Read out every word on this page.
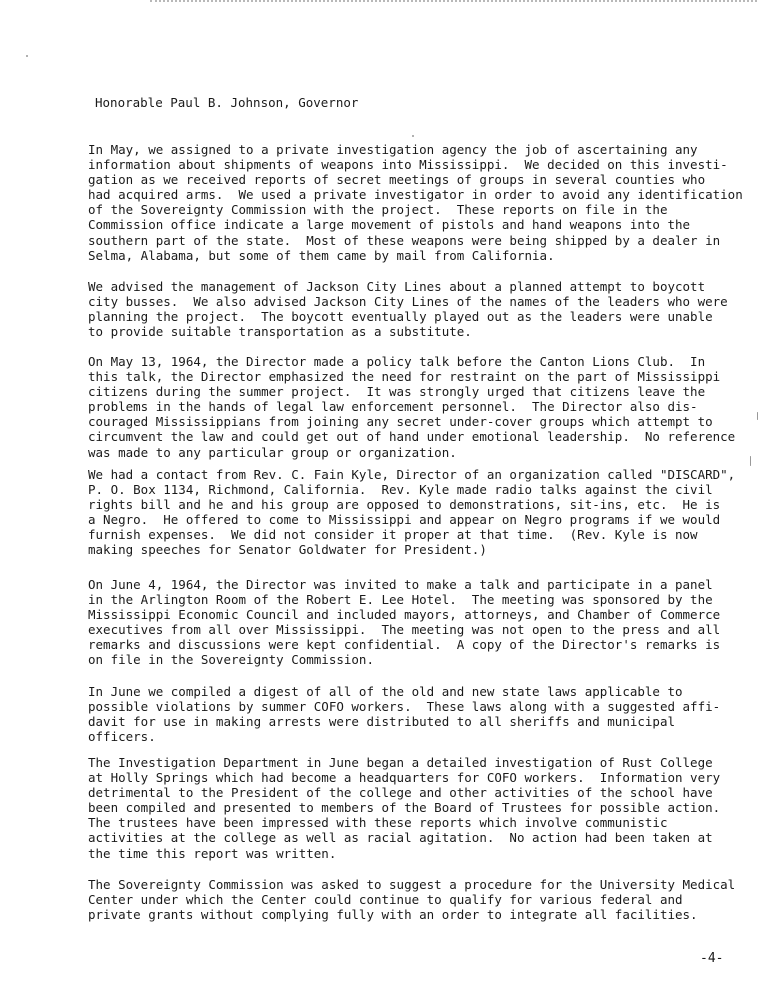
Honorable Paul B. Johnson, Governor
In May, we assigned to a private investigation agency the job of ascertaining any
information about shipments of weapons into Mississippi.  We decided on this investi-
gation as we received reports of secret meetings of groups in several counties who
had acquired arms.  We used a private investigator in order to avoid any identification
of the Sovereignty Commission with the project.  These reports on file in the
Commission office indicate a large movement of pistols and hand weapons into the
southern part of the state.  Most of these weapons were being shipped by a dealer in
Selma, Alabama, but some of them came by mail from California.
We advised the management of Jackson City Lines about a planned attempt to boycott
city busses.  We also advised Jackson City Lines of the names of the leaders who were
planning the project.  The boycott eventually played out as the leaders were unable
to provide suitable transportation as a substitute.
On May 13, 1964, the Director made a policy talk before the Canton Lions Club.  In
this talk, the Director emphasized the need for restraint on the part of Mississippi
citizens during the summer project.  It was strongly urged that citizens leave the
problems in the hands of legal law enforcement personnel.  The Director also dis-
couraged Mississippians from joining any secret under-cover groups which attempt to
circumvent the law and could get out of hand under emotional leadership.  No reference
was made to any particular group or organization.
We had a contact from Rev. C. Fain Kyle, Director of an organization called "DISCARD",
P. O. Box 1134, Richmond, California.  Rev. Kyle made radio talks against the civil
rights bill and he and his group are opposed to demonstrations, sit-ins, etc.  He is
a Negro.  He offered to come to Mississippi and appear on Negro programs if we would
furnish expenses.  We did not consider it proper at that time.  (Rev. Kyle is now
making speeches for Senator Goldwater for President.)
On June 4, 1964, the Director was invited to make a talk and participate in a panel
in the Arlington Room of the Robert E. Lee Hotel.  The meeting was sponsored by the
Mississippi Economic Council and included mayors, attorneys, and Chamber of Commerce
executives from all over Mississippi.  The meeting was not open to the press and all
remarks and discussions were kept confidential.  A copy of the Director's remarks is
on file in the Sovereignty Commission.
In June we compiled a digest of all of the old and new state laws applicable to
possible violations by summer COFO workers.  These laws along with a suggested affi-
davit for use in making arrests were distributed to all sheriffs and municipal
officers.
The Investigation Department in June began a detailed investigation of Rust College
at Holly Springs which had become a headquarters for COFO workers.  Information very
detrimental to the President of the college and other activities of the school have
been compiled and presented to members of the Board of Trustees for possible action.
The trustees have been impressed with these reports which involve communistic
activities at the college as well as racial agitation.  No action had been taken at
the time this report was written.
The Sovereignty Commission was asked to suggest a procedure for the University Medical
Center under which the Center could continue to qualify for various federal and
private grants without complying fully with an order to integrate all facilities.
-4-
